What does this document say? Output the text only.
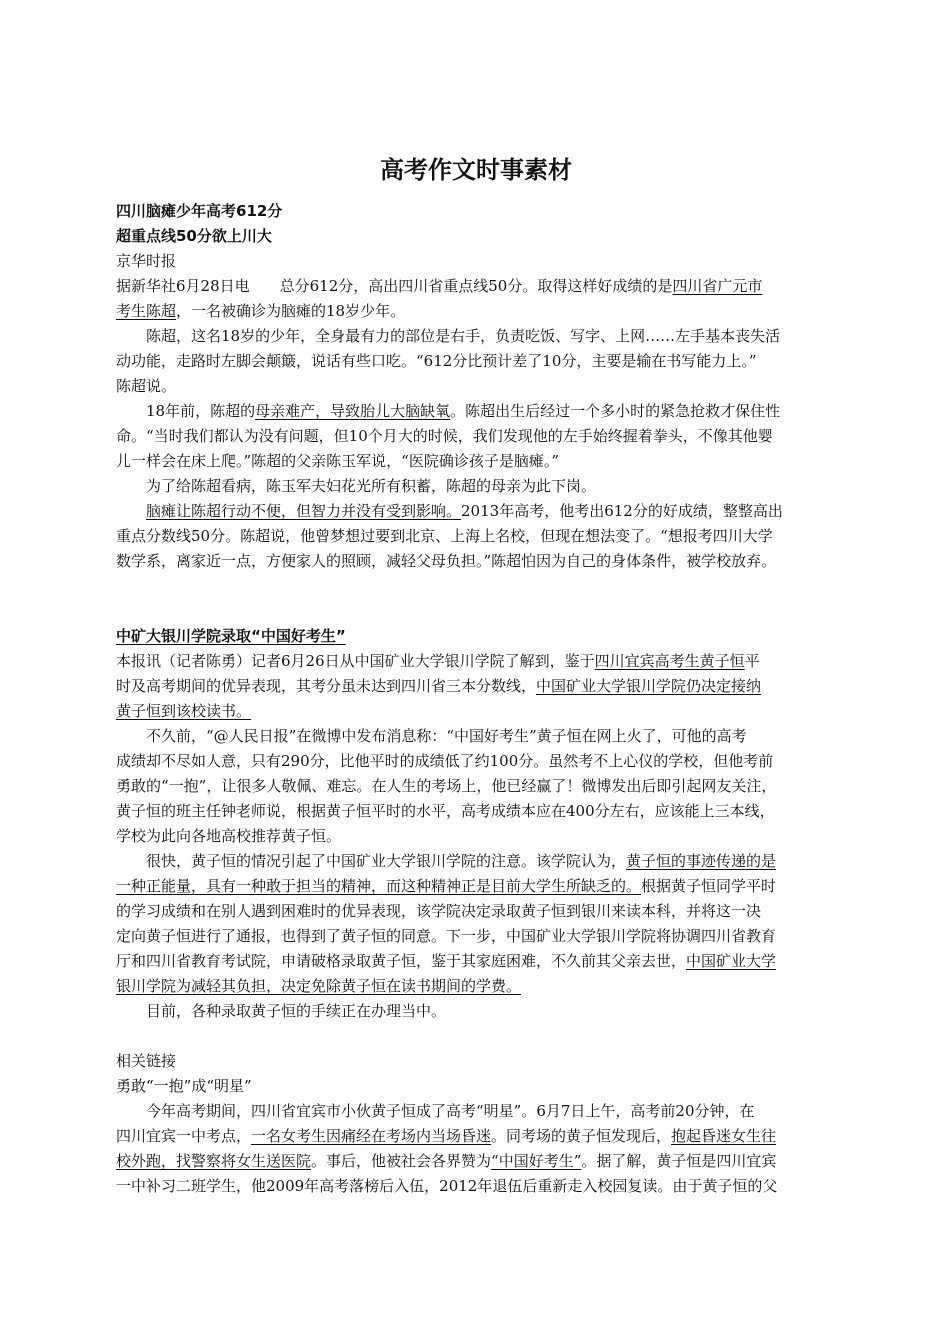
高考作文时事素材

四川脑瘫少年高考612分

超重点线50分欲上川大

京华时报

据新华社6月28日电　　总分612分，高出四川省重点线50分。取得这样好成绩的是四川省广元市

考生陈超，一名被确诊为脑瘫的18岁少年。

陈超，这名18岁的少年，全身最有力的部位是右手，负责吃饭、写字、上网……左手基本丧失活

动功能，走路时左脚会颠簸，说话有些口吃。“612分比预计差了10分，主要是输在书写能力上。”

陈超说。

18年前，陈超的母亲难产，导致胎儿大脑缺氧。陈超出生后经过一个多小时的紧急抢救才保住性

命。“当时我们都认为没有问题，但10个月大的时候，我们发现他的左手始终握着拳头，不像其他婴

儿一样会在床上爬。”陈超的父亲陈玉军说，“医院确诊孩子是脑瘫。”

为了给陈超看病，陈玉军夫妇花光所有积蓄，陈超的母亲为此下岗。

脑瘫让陈超行动不便，但智力并没有受到影响。2013年高考，他考出612分的好成绩，整整高出

重点分数线50分。陈超说，他曾梦想过要到北京、上海上名校，但现在想法变了。“想报考四川大学

数学系，离家近一点，方便家人的照顾，减轻父母负担。”陈超怕因为自己的身体条件，被学校放弃。

中矿大银川学院录取“中国好考生”

本报讯（记者陈勇）记者6月26日从中国矿业大学银川学院了解到，鉴于四川宜宾高考生黄子恒平

时及高考期间的优异表现，其考分虽未达到四川省三本分数线，中国矿业大学银川学院仍决定接纳

黄子恒到该校读书。

不久前，“@人民日报”在微博中发布消息称：“中国好考生”黄子恒在网上火了，可他的高考

成绩却不尽如人意，只有290分，比他平时的成绩低了约100分。虽然考不上心仪的学校，但他考前

勇敢的“一抱”，让很多人敬佩、难忘。在人生的考场上，他已经赢了！微博发出后即引起网友关注，

黄子恒的班主任钟老师说，根据黄子恒平时的水平，高考成绩本应在400分左右，应该能上三本线，

学校为此向各地高校推荐黄子恒。

很快，黄子恒的情况引起了中国矿业大学银川学院的注意。该学院认为，黄子恒的事迹传递的是

一种正能量，具有一种敢于担当的精神，而这种精神正是目前大学生所缺乏的。根据黄子恒同学平时

的学习成绩和在别人遇到困难时的优异表现，该学院决定录取黄子恒到银川来读本科，并将这一决

定向黄子恒进行了通报，也得到了黄子恒的同意。下一步，中国矿业大学银川学院将协调四川省教育

厅和四川省教育考试院，申请破格录取黄子恒，鉴于其家庭困难，不久前其父亲去世，中国矿业大学

银川学院为减轻其负担，决定免除黄子恒在读书期间的学费。

目前，各种录取黄子恒的手续正在办理当中。

相关链接

勇敢“一抱”成“明星”

今年高考期间，四川省宜宾市小伙黄子恒成了高考“明星”。6月7日上午，高考前20分钟，在

四川宜宾一中考点，一名女考生因痛经在考场内当场昏迷。同考场的黄子恒发现后，抱起昏迷女生往

校外跑，找警察将女生送医院。事后，他被社会各界赞为“中国好考生”。据了解，黄子恒是四川宜宾

一中补习二班学生，他2009年高考落榜后入伍，2012年退伍后重新走入校园复读。由于黄子恒的父
